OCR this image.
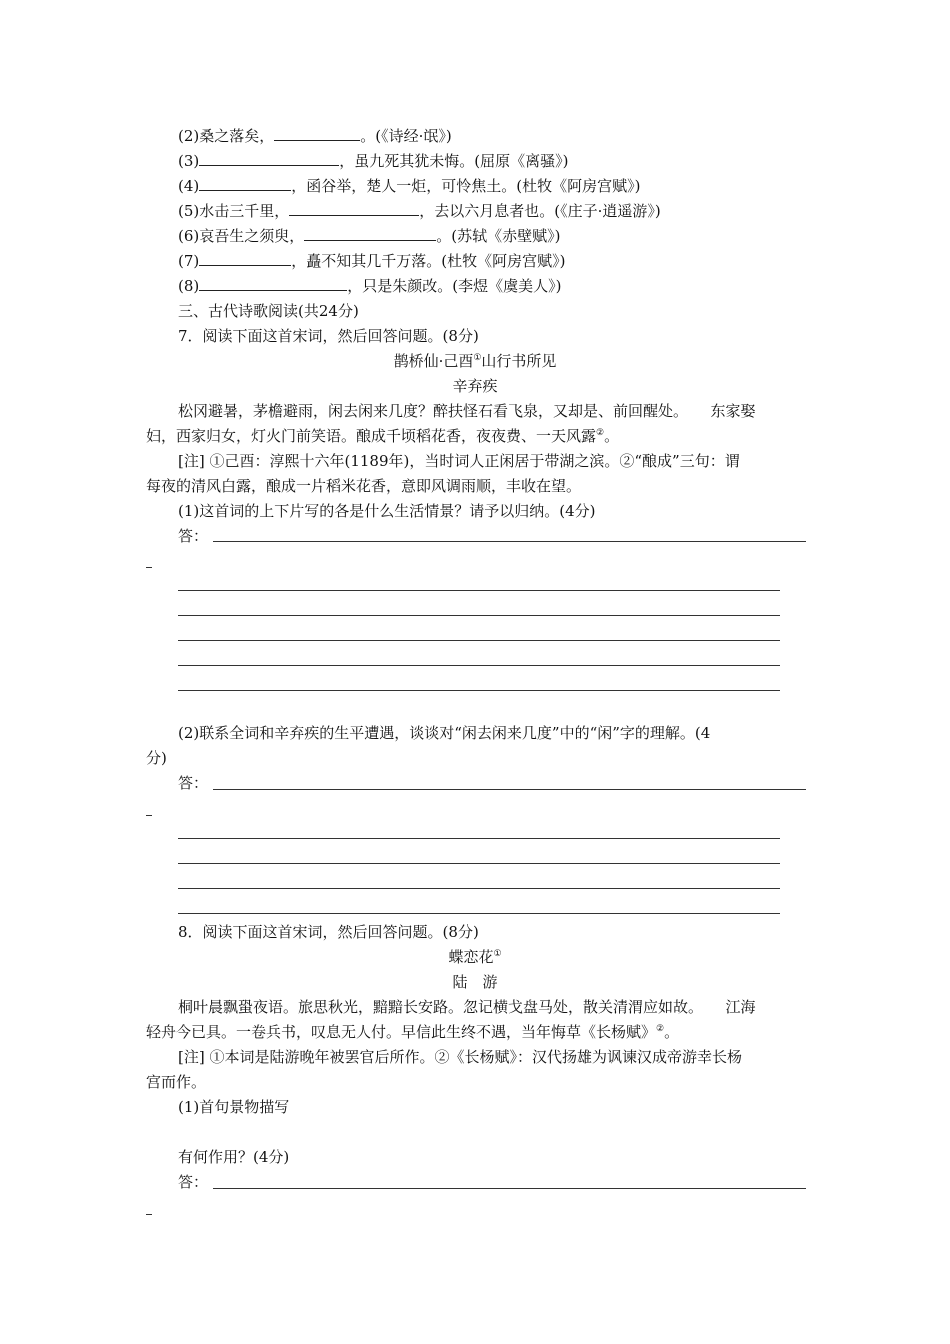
(2)桑之落矣，	。(《诗经·氓》)
(3)	，虽九死其犹未悔。(屈原《离骚》)
(4)	，函谷举，楚人一炬，可怜焦土。(杜牧《阿房宫赋》)
(5)水击三千里，	，去以六月息者也。(《庄子·逍遥游》)
(6)哀吾生之须臾，	。(苏轼《赤壁赋》)
(7)	，矗不知其几千万落。(杜牧《阿房宫赋》)
(8)	，只是朱颜改。(李煜《虞美人》)
三、古代诗歌阅读(共24分)
7．阅读下面这首宋词，然后回答问题。(8分)
鹊桥仙·己酉①山行书所见
辛弃疾
松冈避暑，茅檐避雨，闲去闲来几度？醉扶怪石看飞泉，又却是、前回醒处。　　东家娶
妇，西家归女，灯火门前笑语。酿成千顷稻花香，夜夜费、一天风露②。
[注] ①己酉：淳熙十六年(1189年)，当时词人正闲居于带湖之滨。②“酿成”三句：谓
每夜的清风白露，酿成一片稻米花香，意即风调雨顺，丰收在望。
(1)这首词的上下片写的各是什么生活情景？请予以归纳。(4分)
答：
(2)联系全词和辛弃疾的生平遭遇，谈谈对“闲去闲来几度”中的“闲”字的理解。(4
分)
答：
8．阅读下面这首宋词，然后回答问题。(8分)
蝶恋花①
陆　游
桐叶晨飘蛩夜语。旅思秋光，黯黯长安路。忽记横戈盘马处，散关清渭应如故。　　江海
轻舟今已具。一卷兵书，叹息无人付。早信此生终不遇，当年悔草《长杨赋》②。
[注] ①本词是陆游晚年被罢官后所作。②《长杨赋》：汉代扬雄为讽谏汉成帝游幸长杨
宫而作。
(1)首句景物描写
有何作用？(4分)
答：
